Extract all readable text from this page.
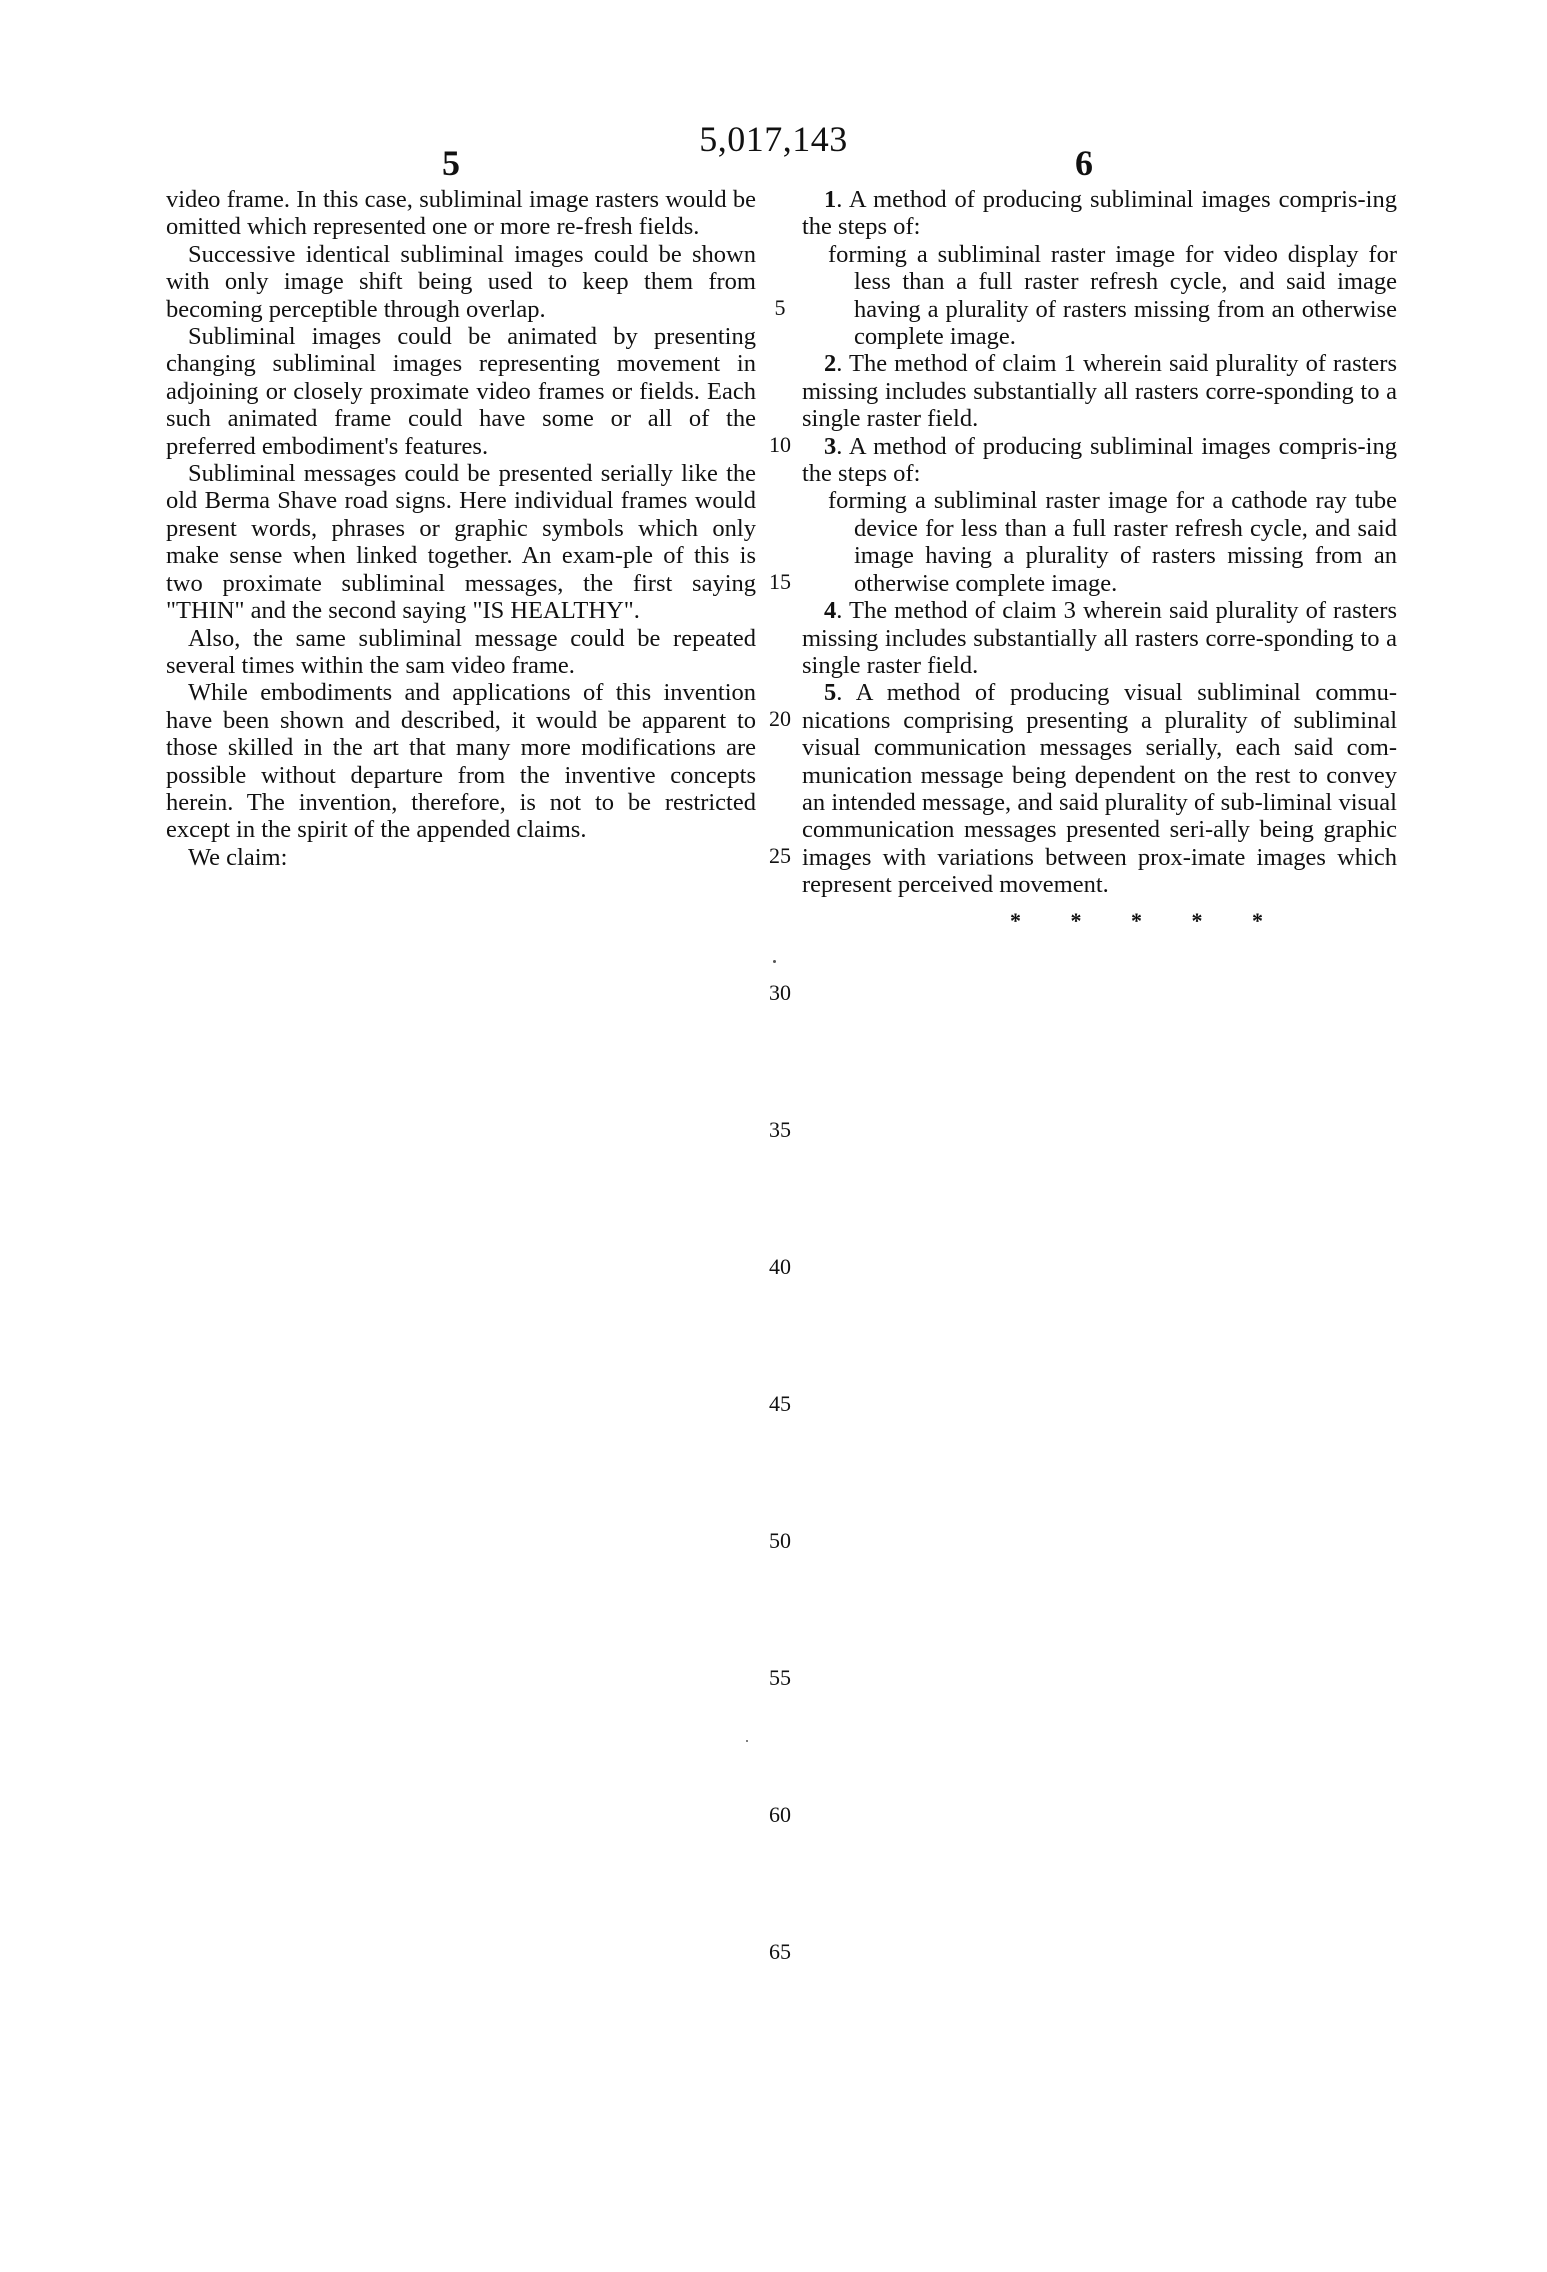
5,017,143
5	6

video frame. In this case, subliminal image rasters would be omitted which represented one or more re-fresh fields.

Successive identical subliminal images could be shown with only image shift being used to keep them from becoming perceptible through overlap.

Subliminal images could be animated by presenting changing subliminal images representing movement in adjoining or closely proximate video frames or fields. Each such animated frame could have some or all of the preferred embodiment's features.

Subliminal messages could be presented serially like the old Berma Shave road signs. Here individual frames would present words, phrases or graphic symbols which only make sense when linked together. An exam-ple of this is two proximate subliminal messages, the first saying "THIN" and the second saying "IS HEALTHY".

Also, the same subliminal message could be repeated several times within the sam video frame.

While embodiments and applications of this invention have been shown and described, it would be apparent to those skilled in the art that many more modifications are possible without departure from the inventive concepts herein. The invention, therefore, is not to be restricted except in the spirit of the appended claims.

We claim:

1. A method of producing subliminal images compris-ing the steps of:

forming a subliminal raster image for video display for less than a full raster refresh cycle, and said image having a plurality of rasters missing from an otherwise complete image.

2. The method of claim 1 wherein said plurality of rasters missing includes substantially all rasters corre-sponding to a single raster field.

3. A method of producing subliminal images compris-ing the steps of:

forming a subliminal raster image for a cathode ray tube device for less than a full raster refresh cycle, and said image having a plurality of rasters missing from an otherwise complete image.

4. The method of claim 3 wherein said plurality of rasters missing includes substantially all rasters corre-sponding to a single raster field.

5. A method of producing visual subliminal commu-nications comprising presenting a plurality of subliminal visual communication messages serially, each said com-munication message being dependent on the rest to convey an intended message, and said plurality of sub-liminal visual communication messages presented seri-ally being graphic images with variations between prox-imate images which represent perceived movement.

* * * * *
5
10
15
20
25
30
35
40
45
50
55
60
65
